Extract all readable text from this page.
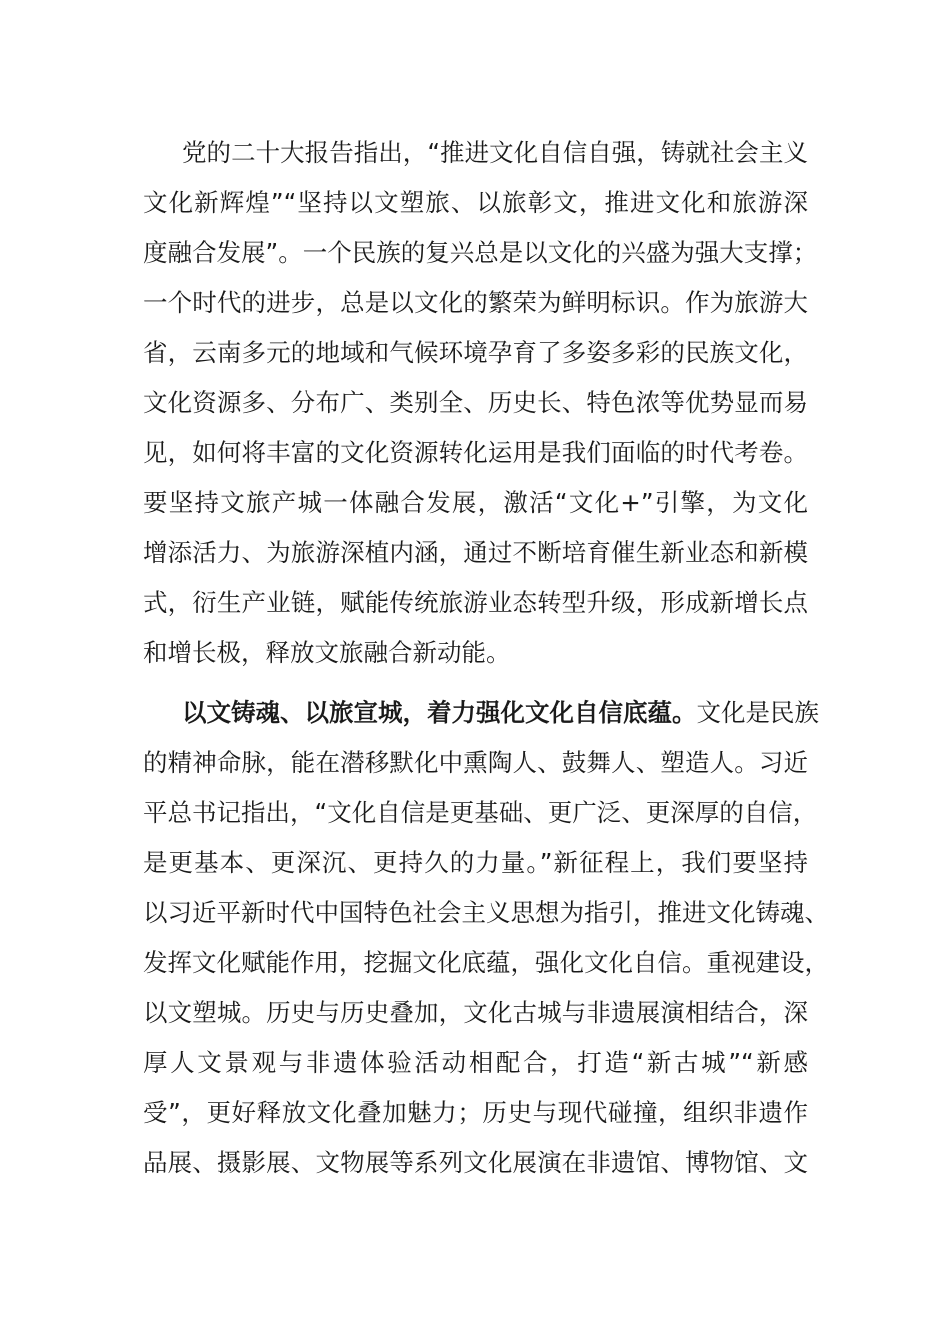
党的二十大报告指出，“推进文化自信自强，铸就社会主义
文化新辉煌”“坚持以文塑旅、以旅彰文，推进文化和旅游深
度融合发展”。一个民族的复兴总是以文化的兴盛为强大支撑；
一个时代的进步，总是以文化的繁荣为鲜明标识。作为旅游大
省，云南多元的地域和气候环境孕育了多姿多彩的民族文化，
文化资源多、分布广、类别全、历史长、特色浓等优势显而易
见，如何将丰富的文化资源转化运用是我们面临的时代考卷。
要坚持文旅产城一体融合发展，激活“文化+”引擎，为文化
增添活力、为旅游深植内涵，通过不断培育催生新业态和新模
式，衍生产业链，赋能传统旅游业态转型升级，形成新增长点
和增长极，释放文旅融合新动能。

以文铸魂、以旅宣城，着力强化文化自信底蕴。文化是民族
的精神命脉，能在潜移默化中熏陶人、鼓舞人、塑造人。习近
平总书记指出，“文化自信是更基础、更广泛、更深厚的自信，
是更基本、更深沉、更持久的力量。”新征程上，我们要坚持
以习近平新时代中国特色社会主义思想为指引，推进文化铸魂、
发挥文化赋能作用，挖掘文化底蕴，强化文化自信。重视建设，
以文塑城。历史与历史叠加，文化古城与非遗展演相结合，深
厚人文景观与非遗体验活动相配合，打造“新古城”“新感
受”，更好释放文化叠加魅力；历史与现代碰撞，组织非遗作
品展、摄影展、文物展等系列文化展演在非遗馆、博物馆、文
